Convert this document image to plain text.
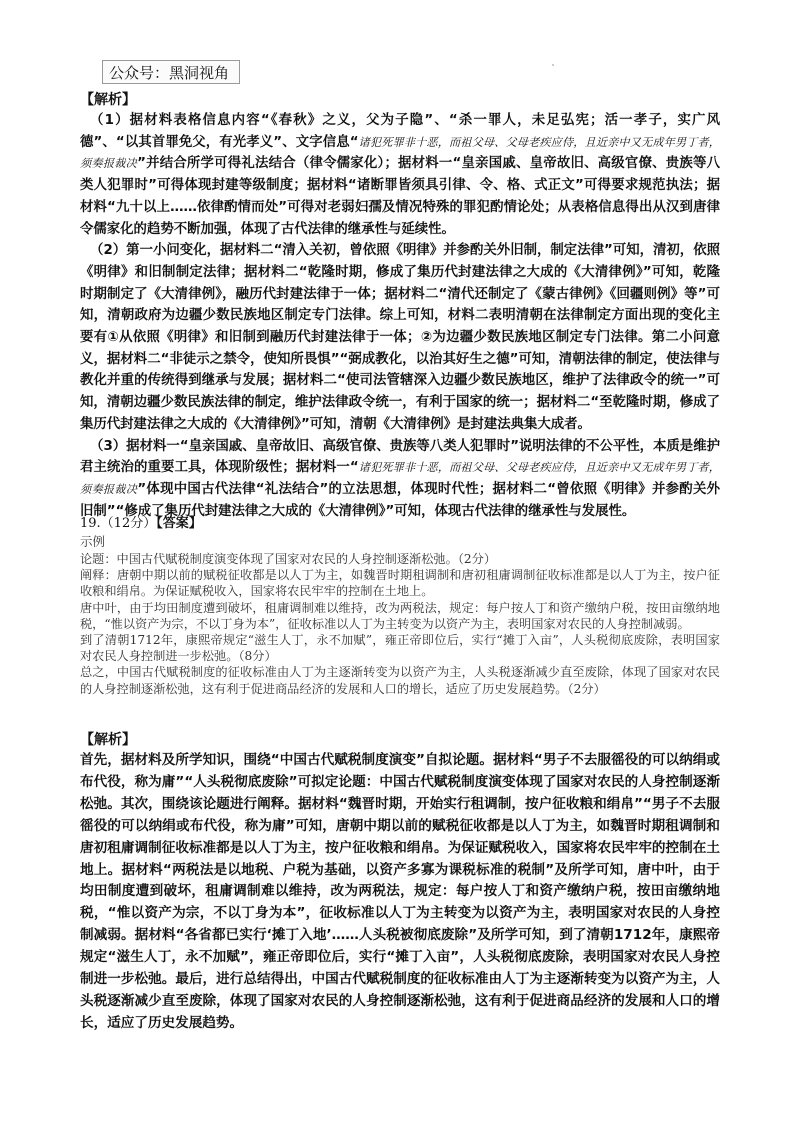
公众号：黑洞视角
【解析】
（1）据材料表格信息内容“《春秋》之义，父为子隐”、“杀一罪人，未足弘宪；活一孝子，实广风德”、“以其首罪免父，有光孝义”、文字信息“诸犯死罪非十恶，而祖父母、父母老疾应侍，且近亲中又无成年男丁者，须奏报裁决”并结合所学可得礼法结合（律令儒家化）；据材料一“皇亲国戚、皇帝故旧、高级官僚、贵族等八类人犯罪时”可得体现封建等级制度；据材料“诸断罪皆须具引律、令、格、式正文”可得要求规范执法；据材料“九十以上……依律酌情而处”可得对老弱妇孺及情况特殊的罪犯酌情论处；从表格信息得出从汉到唐律令儒家化的趋势不断加强，体现了古代法律的继承性与延续性。
（2）第一小问变化，据材料二“清入关初，曾依照《明律》并参酌关外旧制，制定法律”可知，清初，依照《明律》和旧制制定法律；据材料二“乾隆时期，修成了集历代封建法律之大成的《大清律例》”可知，乾隆时期制定了《大清律例》，融历代封建法律于一体；据材料二“清代还制定了《蒙古律例》《回疆则例》等”可知，清朝政府为边疆少数民族地区制定专门法律。综上可知，材料二表明清朝在法律制定方面出现的变化主要有①从依照《明律》和旧制到融历代封建法律于一体；②为边疆少数民族地区制定专门法律。第二小问意义，据材料二“非徒示之禁令，使知所畏惧”“弼成教化，以治其好生之德”可知，清朝法律的制定，使法律与教化并重的传统得到继承与发展；据材料二“使司法管辖深入边疆少数民族地区，维护了法律政令的统一”可知，清朝边疆少数民族法律的制定，维护法律政令统一，有利于国家的统一；据材料二“至乾隆时期，修成了集历代封建法律之大成的《大清律例》”可知，清朝《大清律例》是封建法典集大成者。
（3）据材料一“皇亲国戚、皇帝故旧、高级官僚、贵族等八类人犯罪时”说明法律的不公平性，本质是维护君主统治的重要工具，体现阶级性；据材料一“诸犯死罪非十恶，而祖父母、父母老疾应侍，且近亲中又无成年男丁者，须奏报裁决”体现中国古代法律“礼法结合”的立法思想，体现时代性；据材料二“曾依照《明律》并参酌关外旧制”“修成了集历代封建法律之大成的《大清律例》”可知，体现古代法律的继承性与发展性。
19.（12分）【答案】
示例
论题：中国古代赋税制度演变体现了国家对农民的人身控制逐渐松弛。（2分）
阐释：唐朝中期以前的赋税征收都是以人丁为主，如魏晋时期租调制和唐初租庸调制征收标准都是以人丁为主，按户征收粮和绢帛。为保证赋税收入，国家将农民牢牢的控制在土地上。
唐中叶，由于均田制度遭到破坏，租庸调制难以维持，改为两税法，规定：每户按人丁和资产缴纳户税，按田亩缴纳地税，“惟以资产为宗，不以丁身为本”，征收标准以人丁为主转变为以资产为主，表明国家对农民的人身控制减弱。
到了清朝1712年，康熙帝规定“滋生人丁，永不加赋”，雍正帝即位后，实行“摊丁入亩”，人头税彻底废除，表明国家对农民人身控制进一步松弛。（8分）
总之，中国古代赋税制度的征收标准由人丁为主逐渐转变为以资产为主，人头税逐渐减少直至废除，体现了国家对农民的人身控制逐渐松弛，这有利于促进商品经济的发展和人口的增长，适应了历史发展趋势。（2分）
【解析】
首先，据材料及所学知识，围绕“中国古代赋税制度演变”自拟论题。据材料“男子不去服徭役的可以纳绢或布代役，称为庸”“人头税彻底废除”可拟定论题：中国古代赋税制度演变体现了国家对农民的人身控制逐渐松弛。其次，围绕该论题进行阐释。据材料“魏晋时期，开始实行租调制，按户征收粮和绢帛”“男子不去服徭役的可以纳绢或布代役，称为庸”可知，唐朝中期以前的赋税征收都是以人丁为主，如魏晋时期租调制和唐初租庸调制征收标准都是以人丁为主，按户征收粮和绢帛。为保证赋税收入，国家将农民牢牢的控制在土地上。据材料“两税法是以地税、户税为基础，以资产多寡为课税标准的税制”及所学可知，唐中叶，由于均田制度遭到破坏，租庸调制难以维持，改为两税法，规定：每户按人丁和资产缴纳户税，按田亩缴纳地税，“惟以资产为宗，不以丁身为本”，征收标准以人丁为主转变为以资产为主，表明国家对农民的人身控制减弱。据材料“各省都已实行‘摊丁入地’……人头税被彻底废除”及所学可知，到了清朝1712年，康熙帝规定“滋生人丁，永不加赋”，雍正帝即位后，实行“摊丁入亩”，人头税彻底废除，表明国家对农民人身控制进一步松弛。最后，进行总结得出，中国古代赋税制度的征收标准由人丁为主逐渐转变为以资产为主，人头税逐渐减少直至废除，体现了国家对农民的人身控制逐渐松弛，这有利于促进商品经济的发展和人口的增长，适应了历史发展趋势。
